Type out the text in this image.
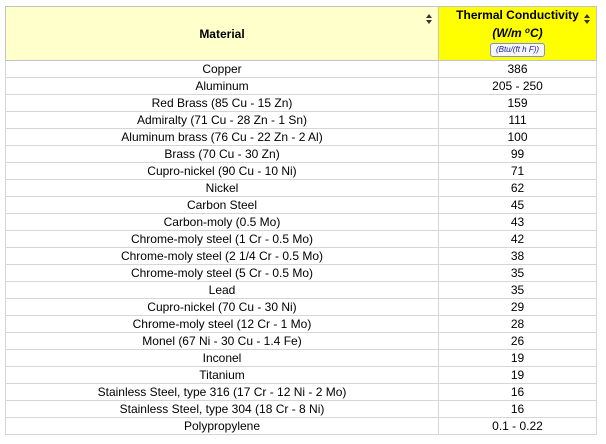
Material	Thermal Conductivity
(W/m $^o$C)
(Btu/(ft h F))

Copper	386
Aluminum	205 - 250
Red Brass (85 Cu - 15 Zn)	159
Admiralty (71 Cu - 28 Zn - 1 Sn)	111
Aluminum brass (76 Cu - 22 Zn - 2 Al)	100
Brass (70 Cu - 30 Zn)	99
Cupro-nickel (90 Cu - 10 Ni)	71
Nickel	62
Carbon Steel	45
Carbon-moly (0.5 Mo)	43
Chrome-moly steel (1 Cr - 0.5 Mo)	42
Chrome-moly steel (2 1/4 Cr - 0.5 Mo)	38
Chrome-moly steel (5 Cr - 0.5 Mo)	35
Lead	35
Cupro-nickel (70 Cu - 30 Ni)	29
Chrome-moly steel (12 Cr - 1 Mo)	28
Monel (67 Ni - 30 Cu - 1.4 Fe)	26
Inconel	19
Titanium	19
Stainless Steel, type 316 (17 Cr - 12 Ni - 2 Mo)	16
Stainless Steel, type 304 (18 Cr - 8 Ni)	16
Polypropylene	0.1 - 0.22
